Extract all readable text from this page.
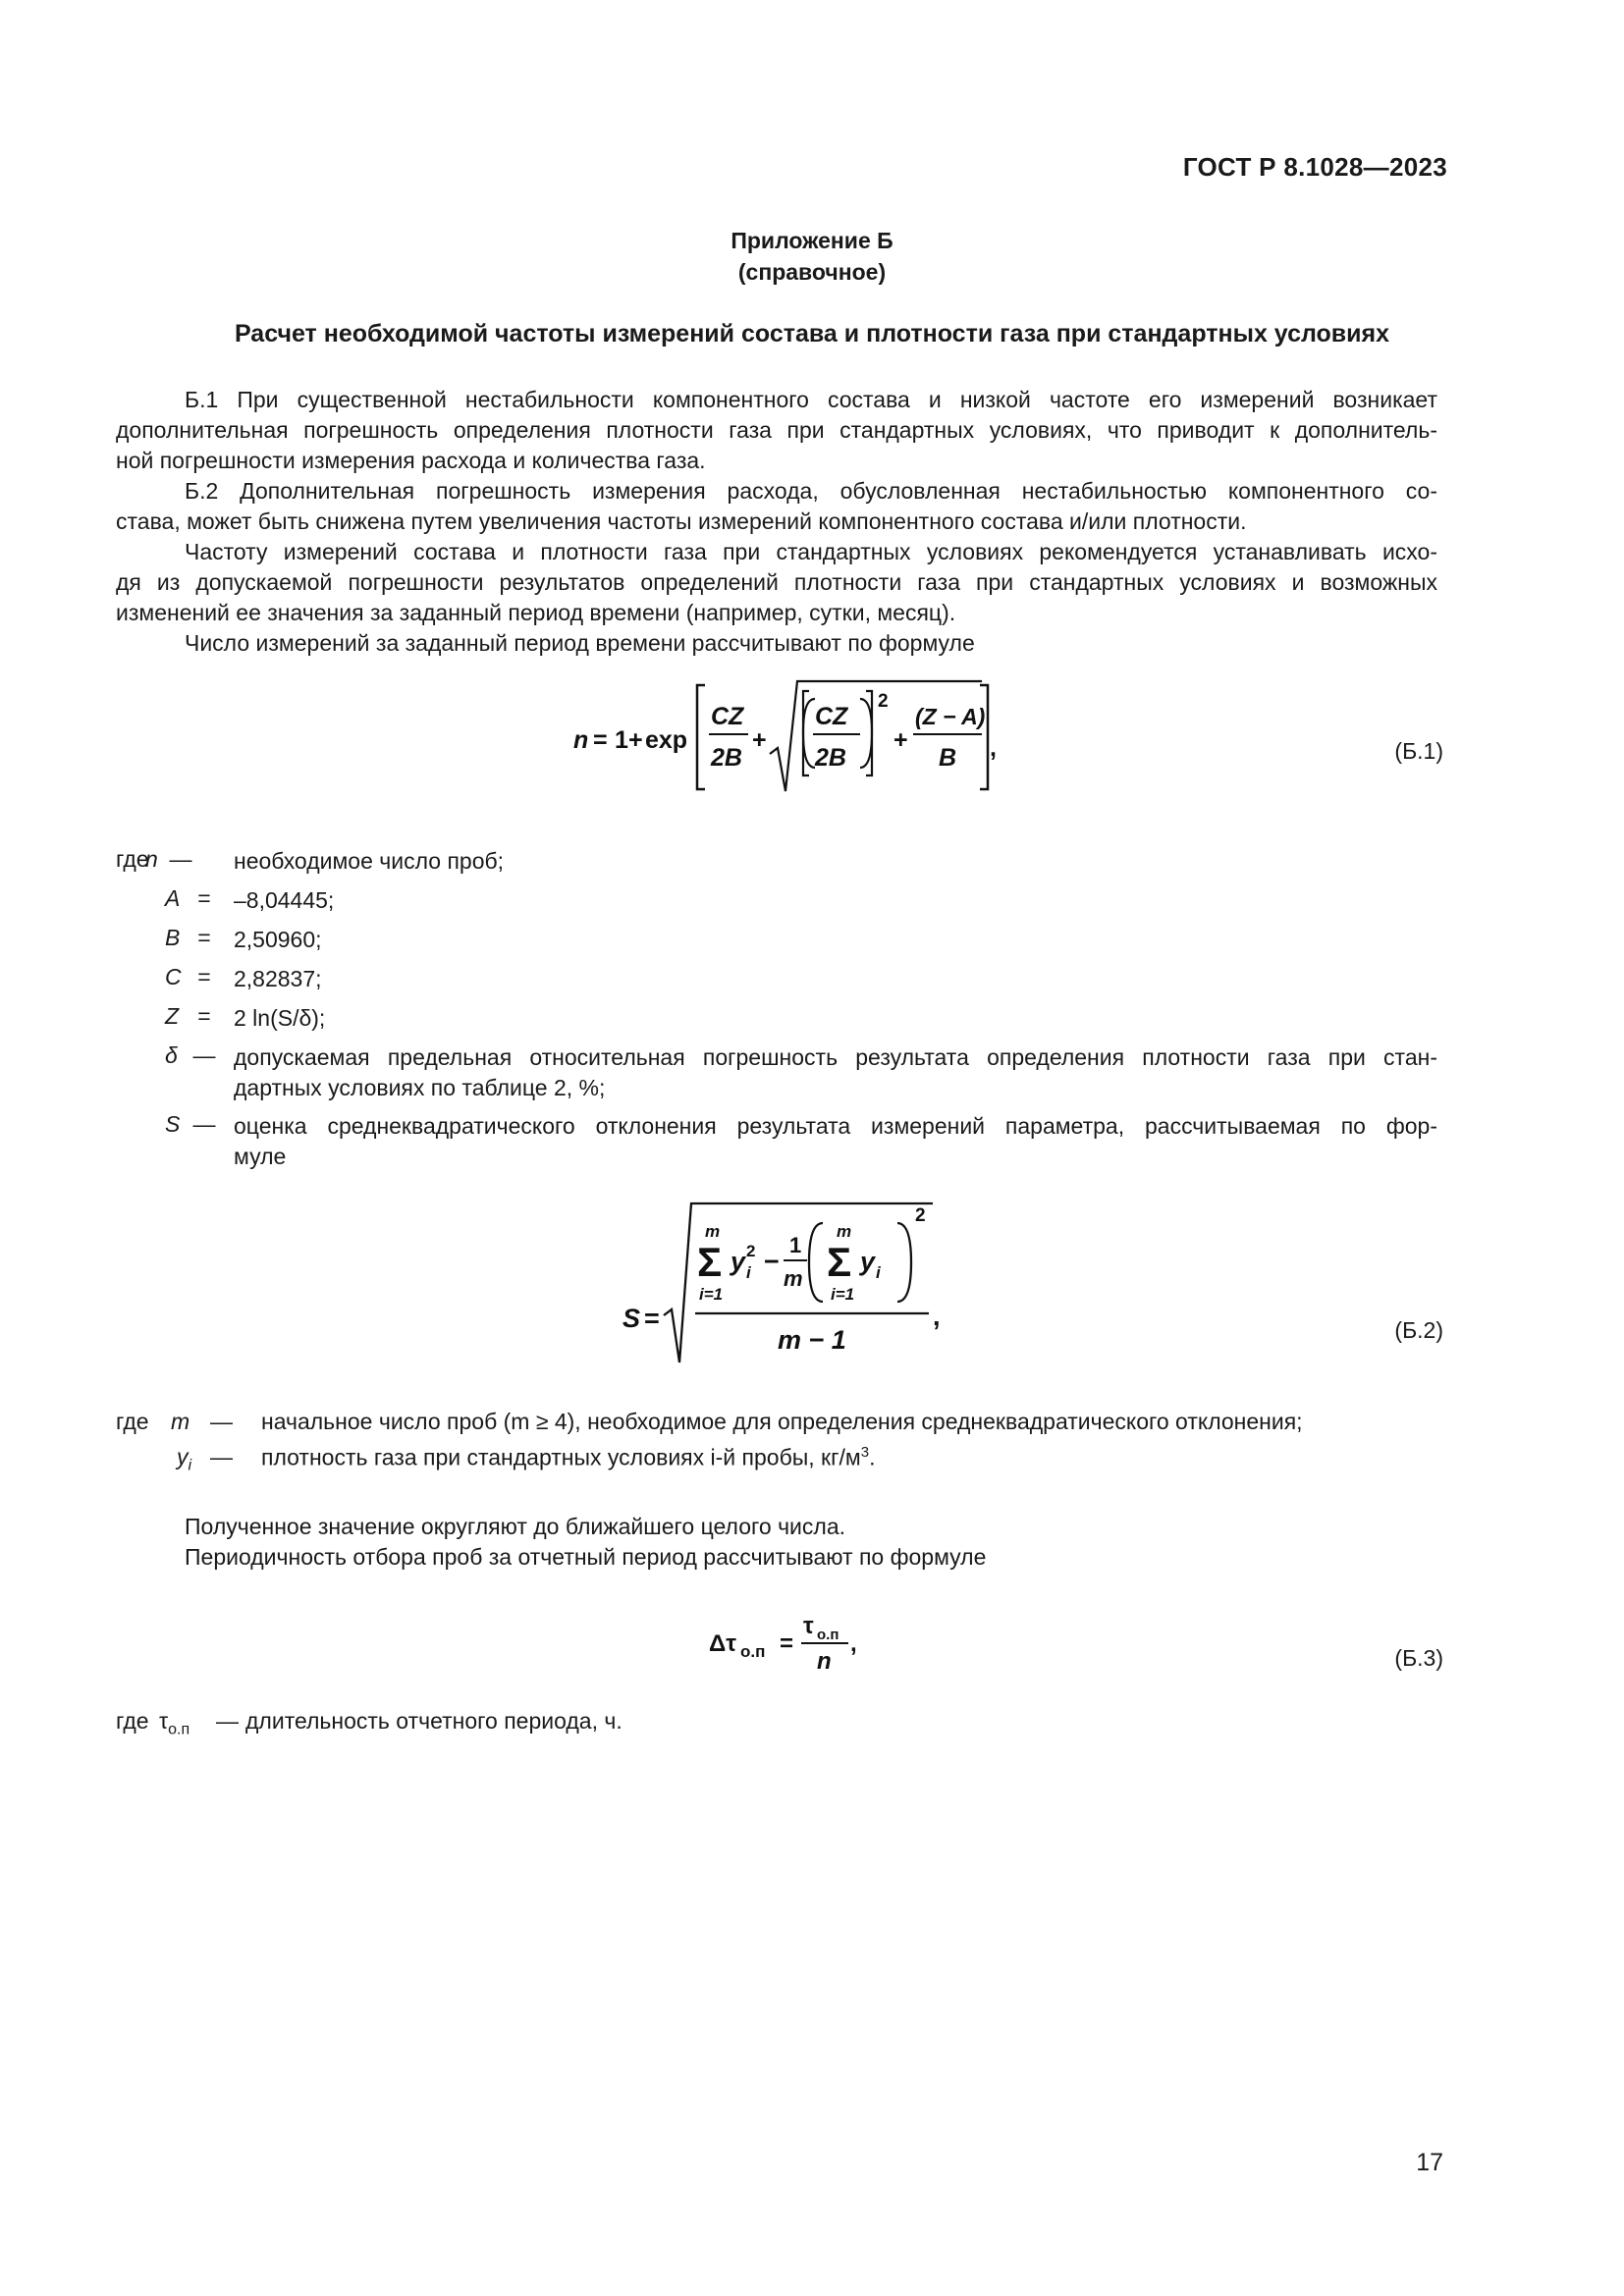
ГОСТ Р 8.1028—2023
Приложение Б
(справочное)
Расчет необходимой частоты измерений состава и плотности газа при стандартных условиях
Б.1 При существенной нестабильности компонентного состава и низкой частоте его измерений возникает
дополнительная погрешность определения плотности газа при стандартных условиях, что приводит к дополнитель-
ной погрешности измерения расхода и количества газа.
Б.2 Дополнительная погрешность измерения расхода, обусловленная нестабильностью компонентного со-
става, может быть снижена путем увеличения частоты измерений компонентного состава и/или плотности.
Частоту измерений состава и плотности газа при стандартных условиях рекомендуется устанавливать исхо-
дя из допускаемой погрешности результатов определений плотности газа при стандартных условиях и возможных
изменений ее значения за заданный период времени (например, сутки, месяц).
Число измерений за заданный период времени рассчитывают по формуле
n = 1 + exp
CZ
2B
+
CZ
2B
2
+
(Z − A)
B ,	(Б.1)
где
n — необходимое число проб;
A =	–8,04445;
B =	2,50960;
C =	2,82837;
Z =	2 ln(S/δ);
δ — допускаемая предельная относительная погрешность результата определения плотности газа при стан-
дартных условиях по таблице 2, %;
S — оценка среднеквадратического отклонения результата измерений параметра, рассчитываемая по фор-
муле
S =
m
Σ
i=1
y i
2 −
1
m
m
Σ
i=1
y i
2
m − 1
,	(Б.2)
где m — начальное число проб (m ≥ 4), необходимое для определения среднеквадратического отклонения;
$y_i$ — плотность газа при стандартных условиях i-й пробы, $кг/м^3$.
Полученное значение округляют до ближайшего целого числа.
Периодичность отбора проб за отчетный период рассчитывают по формуле
Δτ о.п =
τ о.п
n
,
(Б.3)
где $\tau_{о.п}$ — длительность отчетного периода, ч.
17
